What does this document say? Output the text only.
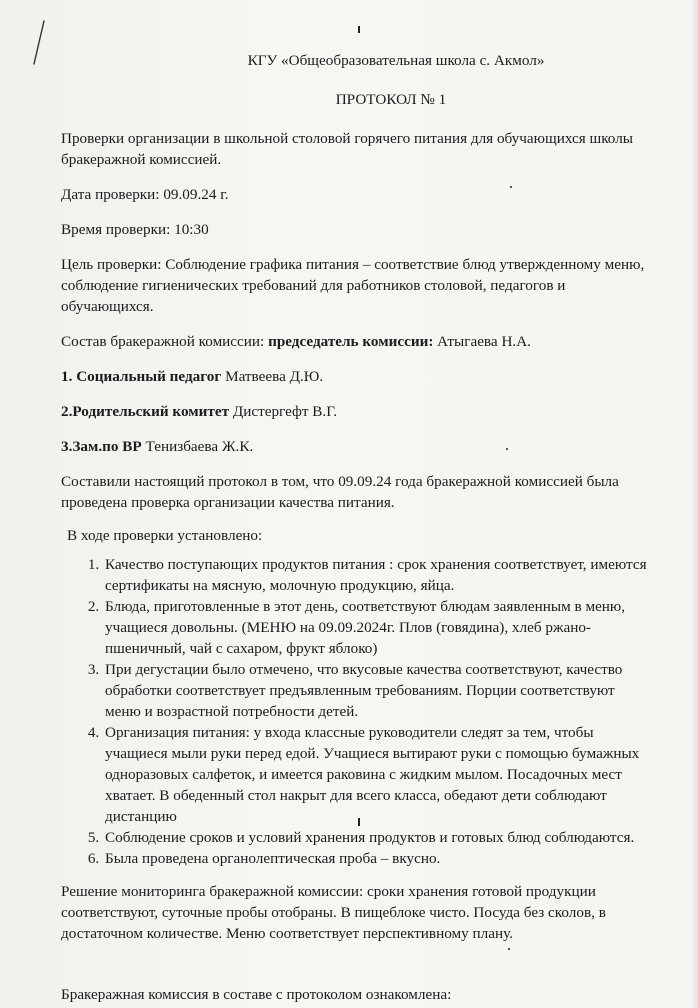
КГУ «Общеобразовательная школа с. Акмол»

ПРОТОКОЛ № 1

Проверки организации в школьной столовой горячего питания для обучающихся школы бракеражной комиссией.

Дата проверки: 09.09.24 г.

Время проверки: 10:30

Цель проверки: Соблюдение графика питания – соответствие блюд утвержденному меню, соблюдение гигиенических требований для работников столовой, педагогов и обучающихся.

Состав бракеражной комиссии: председатель комиссии: Атыгаева Н.А.

1. Социальный педагог Матвеева Д.Ю.

2.Родительский комитет Дистергефт В.Г.

3.Зам.по ВР Тенизбаева Ж.К.

Составили настоящий протокол в том, что 09.09.24 года бракеражной комиссией была проведена проверка организации качества питания.

В ходе проверки установлено:

1. Качество поступающих продуктов питания : срок хранения соответствует, имеются сертификаты на мясную, молочную продукцию, яйца.
2. Блюда, приготовленные в этот день, соответствуют блюдам заявленным в меню, учащиеся довольны. (МЕНЮ на 09.09.2024г. Плов (говядина), хлеб ржано-пшеничный, чай с сахаром, фрукт яблоко)
3. При дегустации было отмечено, что вкусовые качества соответствуют, качество обработки соответствует предъявленным требованиям. Порции соответствуют меню и возрастной потребности детей.
4. Организация питания: у входа классные руководители следят за тем, чтобы учащиеся мыли руки перед едой. Учащиеся вытирают руки с помощью бумажных одноразовых салфеток, и имеется раковина с жидким мылом. Посадочных мест хватает. В обеденный стол накрыт для всего класса, обедают дети соблюдают дистанцию
5. Соблюдение сроков и условий хранения продуктов и готовых блюд соблюдаются.
6. Была проведена органолептическая проба – вкусно.

Решение мониторинга бракеражной комиссии: сроки хранения готовой продукции соответствуют, суточные пробы отобраны. В пищеблоке чисто. Посуда без сколов, в достаточном количестве. Меню соответствует перспективному плану.

Бракеражная комиссия в составе с протоколом ознакомлена:
